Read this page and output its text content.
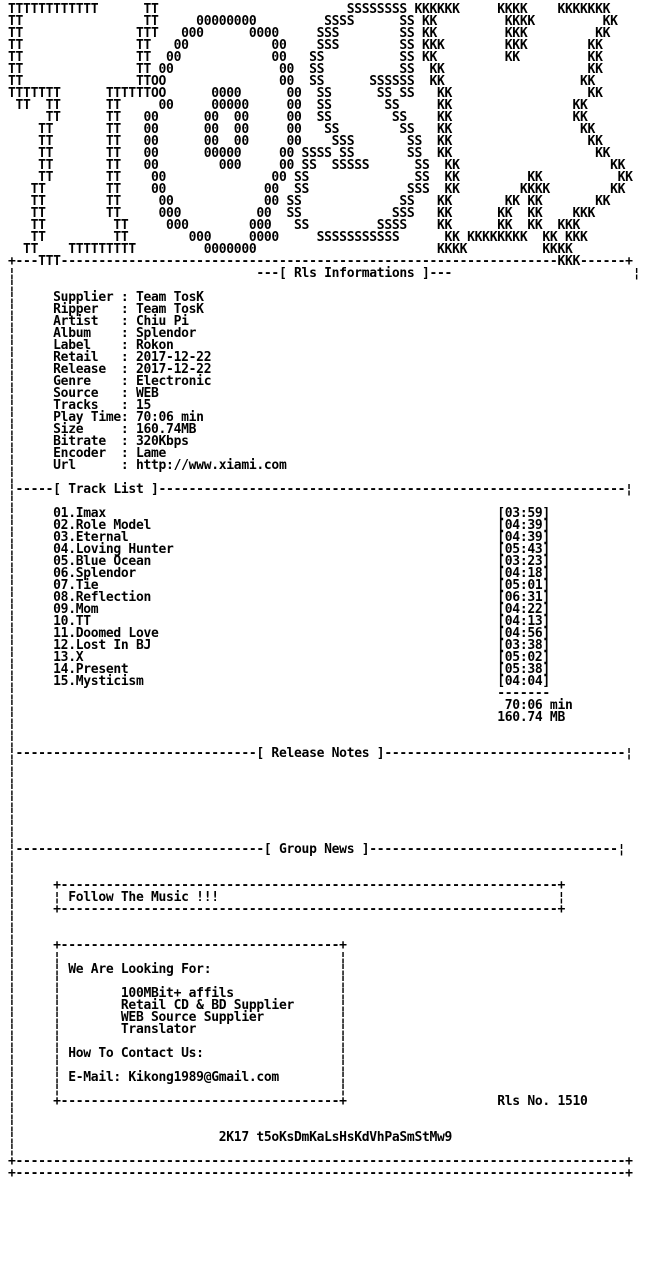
TTTTTTTTTTTT      TT                         SSSSSSSS KKKKKK     KKKK    KKKKKKK
TT                TT     00000000         SSSS      SS KK         KKKK         KK
TT               TTT   000      0000     SSS        SS KK         KKK         KK
TT               TT   00           00    SSS        SS KKK        KKK        KK
TT               TT  00            00   SS          SS KK         KK         KK
TT               TT 00              00  SS          SS  KK                   KK
TT               TTOO               00  SS      SSSSSS  KK                  KK
TTTTTTT      TTTTTTOO      0000      00  SS      SS SS   KK                  KK
TT  TT      TT     00     00000     00  SS       SS     KK                KK
TT      TT   00      00  00     00  SS        SS    KK                KK
TT       TT   00      00  00     00   SS        SS   KK                 KK
TT       TT   00      00  00     00    SSS       SS  KK                  KK
TT       TT   00      00000     00 SSSS SS       SS  KK                   KK
TT       TT   00        000     00 SS  SSSSS      SS  KK                    KK
TT       TT    00              00 SS              SS  KK         KK          KK
TT        TT    00             00  SS             SSS  KK        KKKK        KK
TT        TT     00            00 SS             SS   KK       KK KK       KK
TT        TT     000          00  SS            SSS   KK      KK  KK    KKK
TT         TT     000        000   SS         SSSS    KK      KK  KK  KKK
TT         TT        000     0000     SSSSSSSSSSS      KK KKKKKKKK  KK KKK
TT    TTTTTTTTT         0000000                        KKKK          KKKK
+---TTT------------------------------------------------------------------KKK------+
¦                                ---[ Rls Informations ]---                        ¦
¦
¦     Supplier : Team TosK
¦     Ripper   : Team TosK
¦     Artist   : Chiu Pi
¦     Album    : Splendor
¦     Label    : Rokon
¦     Retail   : 2017-12-22
¦     Release  : 2017-12-22
¦     Genre    : Electronic
¦     Source   : WEB
¦     Tracks   : 15
¦     Play Time: 70:06 min
¦     Size     : 160.74MB
¦     Bitrate  : 320Kbps
¦     Encoder  : Lame
¦     Url      : http://www.xiami.com
¦
¦-----[ Track List ]--------------------------------------------------------------¦
¦
¦     01.Imax                                                    [03:59]
¦     02.Role Model                                              [04:39]
¦     03.Eternal                                                 [04:39]
¦     04.Loving Hunter                                           [05:43]
¦     05.Blue Ocean                                              [03:23]
¦     06.Splendor                                                [04:18]
¦     07.Tie                                                     [05:01]
¦     08.Reflection                                              [06:31]
¦     09.Mom                                                     [04:22]
¦     10.TT                                                      [04:13]
¦     11.Doomed Love                                             [04:56]
¦     12.Lost In BJ                                              [03:38]
¦     13.X                                                       [05:02]
¦     14.Present                                                 [05:38]
¦     15.Mysticism                                               [04:04]
¦                                                                -------
¦                                                                 70:06 min
¦                                                                160.74 MB
¦
¦
¦--------------------------------[ Release Notes ]--------------------------------¦
¦
¦
¦
¦
¦
¦
¦
¦---------------------------------[ Group News ]---------------------------------¦
¦
¦
¦     +------------------------------------------------------------------+
¦     ¦ Follow The Music !!!                                             ¦
¦     +------------------------------------------------------------------+
¦
¦
¦     +-------------------------------------+
¦     ¦                                     ¦
¦     ¦ We Are Looking For:                 ¦
¦     ¦                                     ¦
¦     ¦        100MBit+ affils              ¦
¦     ¦        Retail CD & BD Supplier      ¦
¦     ¦        WEB Source Supplier          ¦
¦     ¦        Translator                   ¦
¦     ¦                                     ¦
¦     ¦ How To Contact Us:                  ¦
¦     ¦                                     ¦
¦     ¦ E-Mail: Kikong1989@Gmail.com        ¦
¦     ¦                                     ¦
¦     +-------------------------------------+                    Rls No. 1510
¦
¦
¦                           2K17 t5oKsDmKaLsHsKdVhPaSmStMw9
¦
+---------------------------------------------------------------------------------+
+---------------------------------------------------------------------------------+
